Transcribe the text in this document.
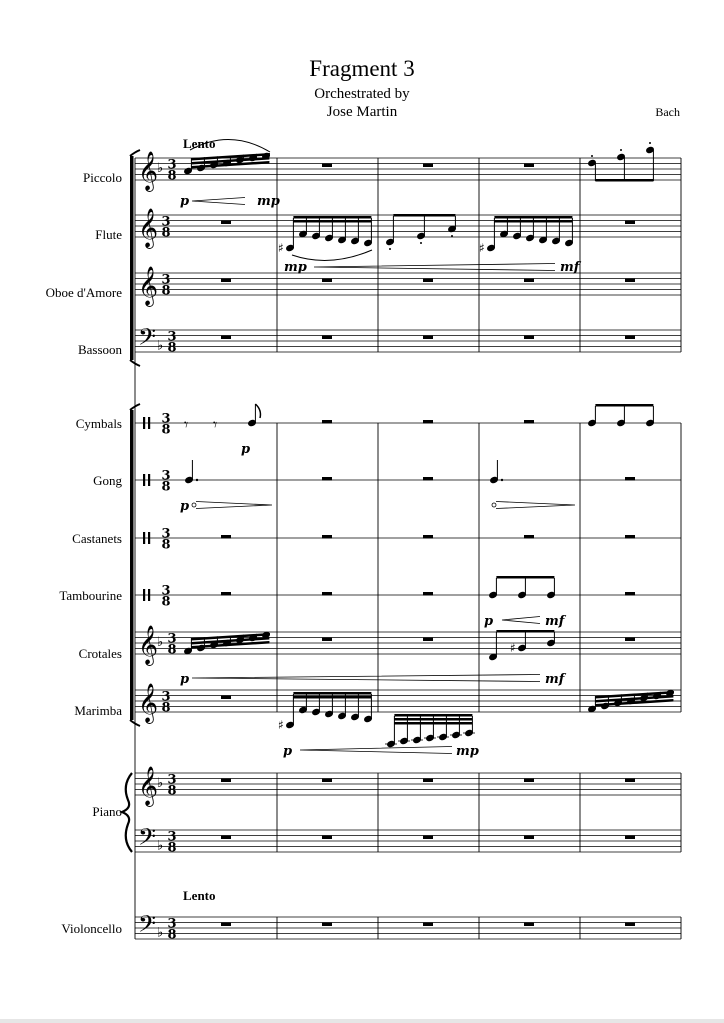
Fragment 3
Orchestrated by
Jose Martin	Bach
Piccolo
Flute
Oboe d'Amore
Bassoon
Cymbals
Gong
Castanets
Tambourine
Crotales
Marimba
Piano
Violoncello
Lento
Lento
𝄞
𝄞
𝄞
𝄢
𝄞
𝄞
𝄞
𝄢
𝄢
♭
♭
♭
♭
♭
♭
3
8
3
8
3
8
3
8
3
8
3
8
3
8
3
8
3
8
3
8
3
8
3
8
3
8
♯	♯
𝄾 𝄾
♯
♯
p	mp
mp	mf
p
p
p	mf
p	mf
p	mp
